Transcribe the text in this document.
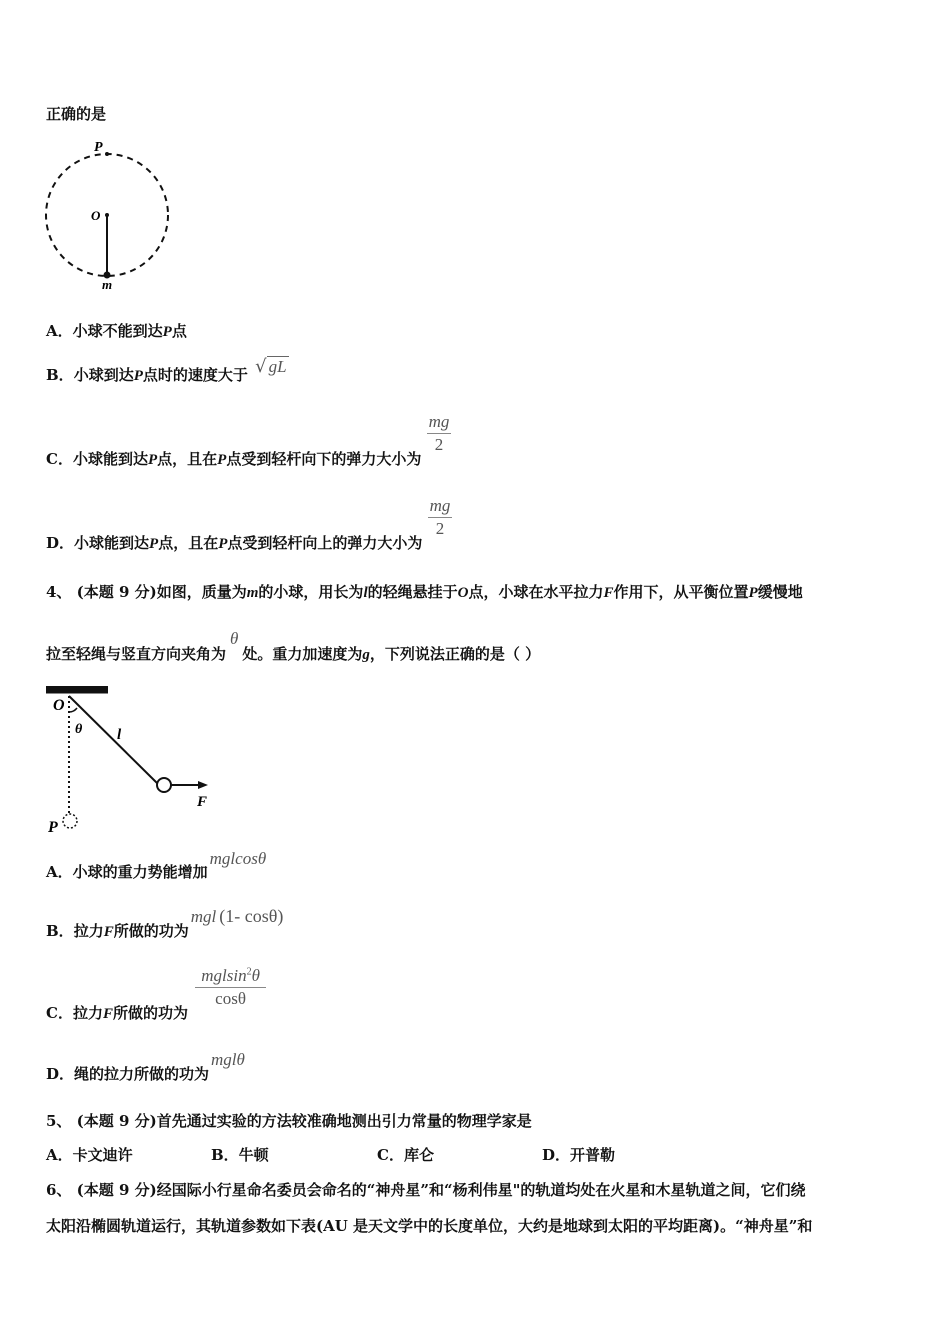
正确的是
P
O
m
A．小球不能到达P点
B．小球到达P点时的速度大于 √ gL
C．小球能到达P点，且在P点受到轻杆向下的弹力大小为
$\frac{mg}{2}$
D．小球能到达P点，且在P点受到轻杆向上的弹力大小为
$\frac{mg}{2}$
4、 (本题 9 分)如图，质量为m的小球，用长为l的轻绳悬挂于O点，小球在水平拉力F作用下，从平衡位置P缓慢地
拉至轻绳与竖直方向夹角为θ处。重力加速度为g，下列说法正确的是（ ）
O
θ l
F
P
A．小球的重力势能增加mglcosθ
B．拉力F所做的功为mgl (1- cosθ)
C．拉力F所做的功为
$\frac{mglsin^2\theta}{\cos\theta}$
D．绳的拉力所做的功为mglθ
5、 (本题 9 分)首先通过实验的方法较准确地测出引力常量的物理学家是
A．卡文迪许	B．牛顿	C．库仑	D．开普勒
6、 (本题 9 分)经国际小行星命名委员会命名的“神舟星”和“杨利伟星"的轨道均处在火星和木星轨道之间，它们绕
太阳沿椭圆轨道运行，其轨道参数如下表(AU 是天文学中的长度单位，大约是地球到太阳的平均距离)。“神舟星”和
